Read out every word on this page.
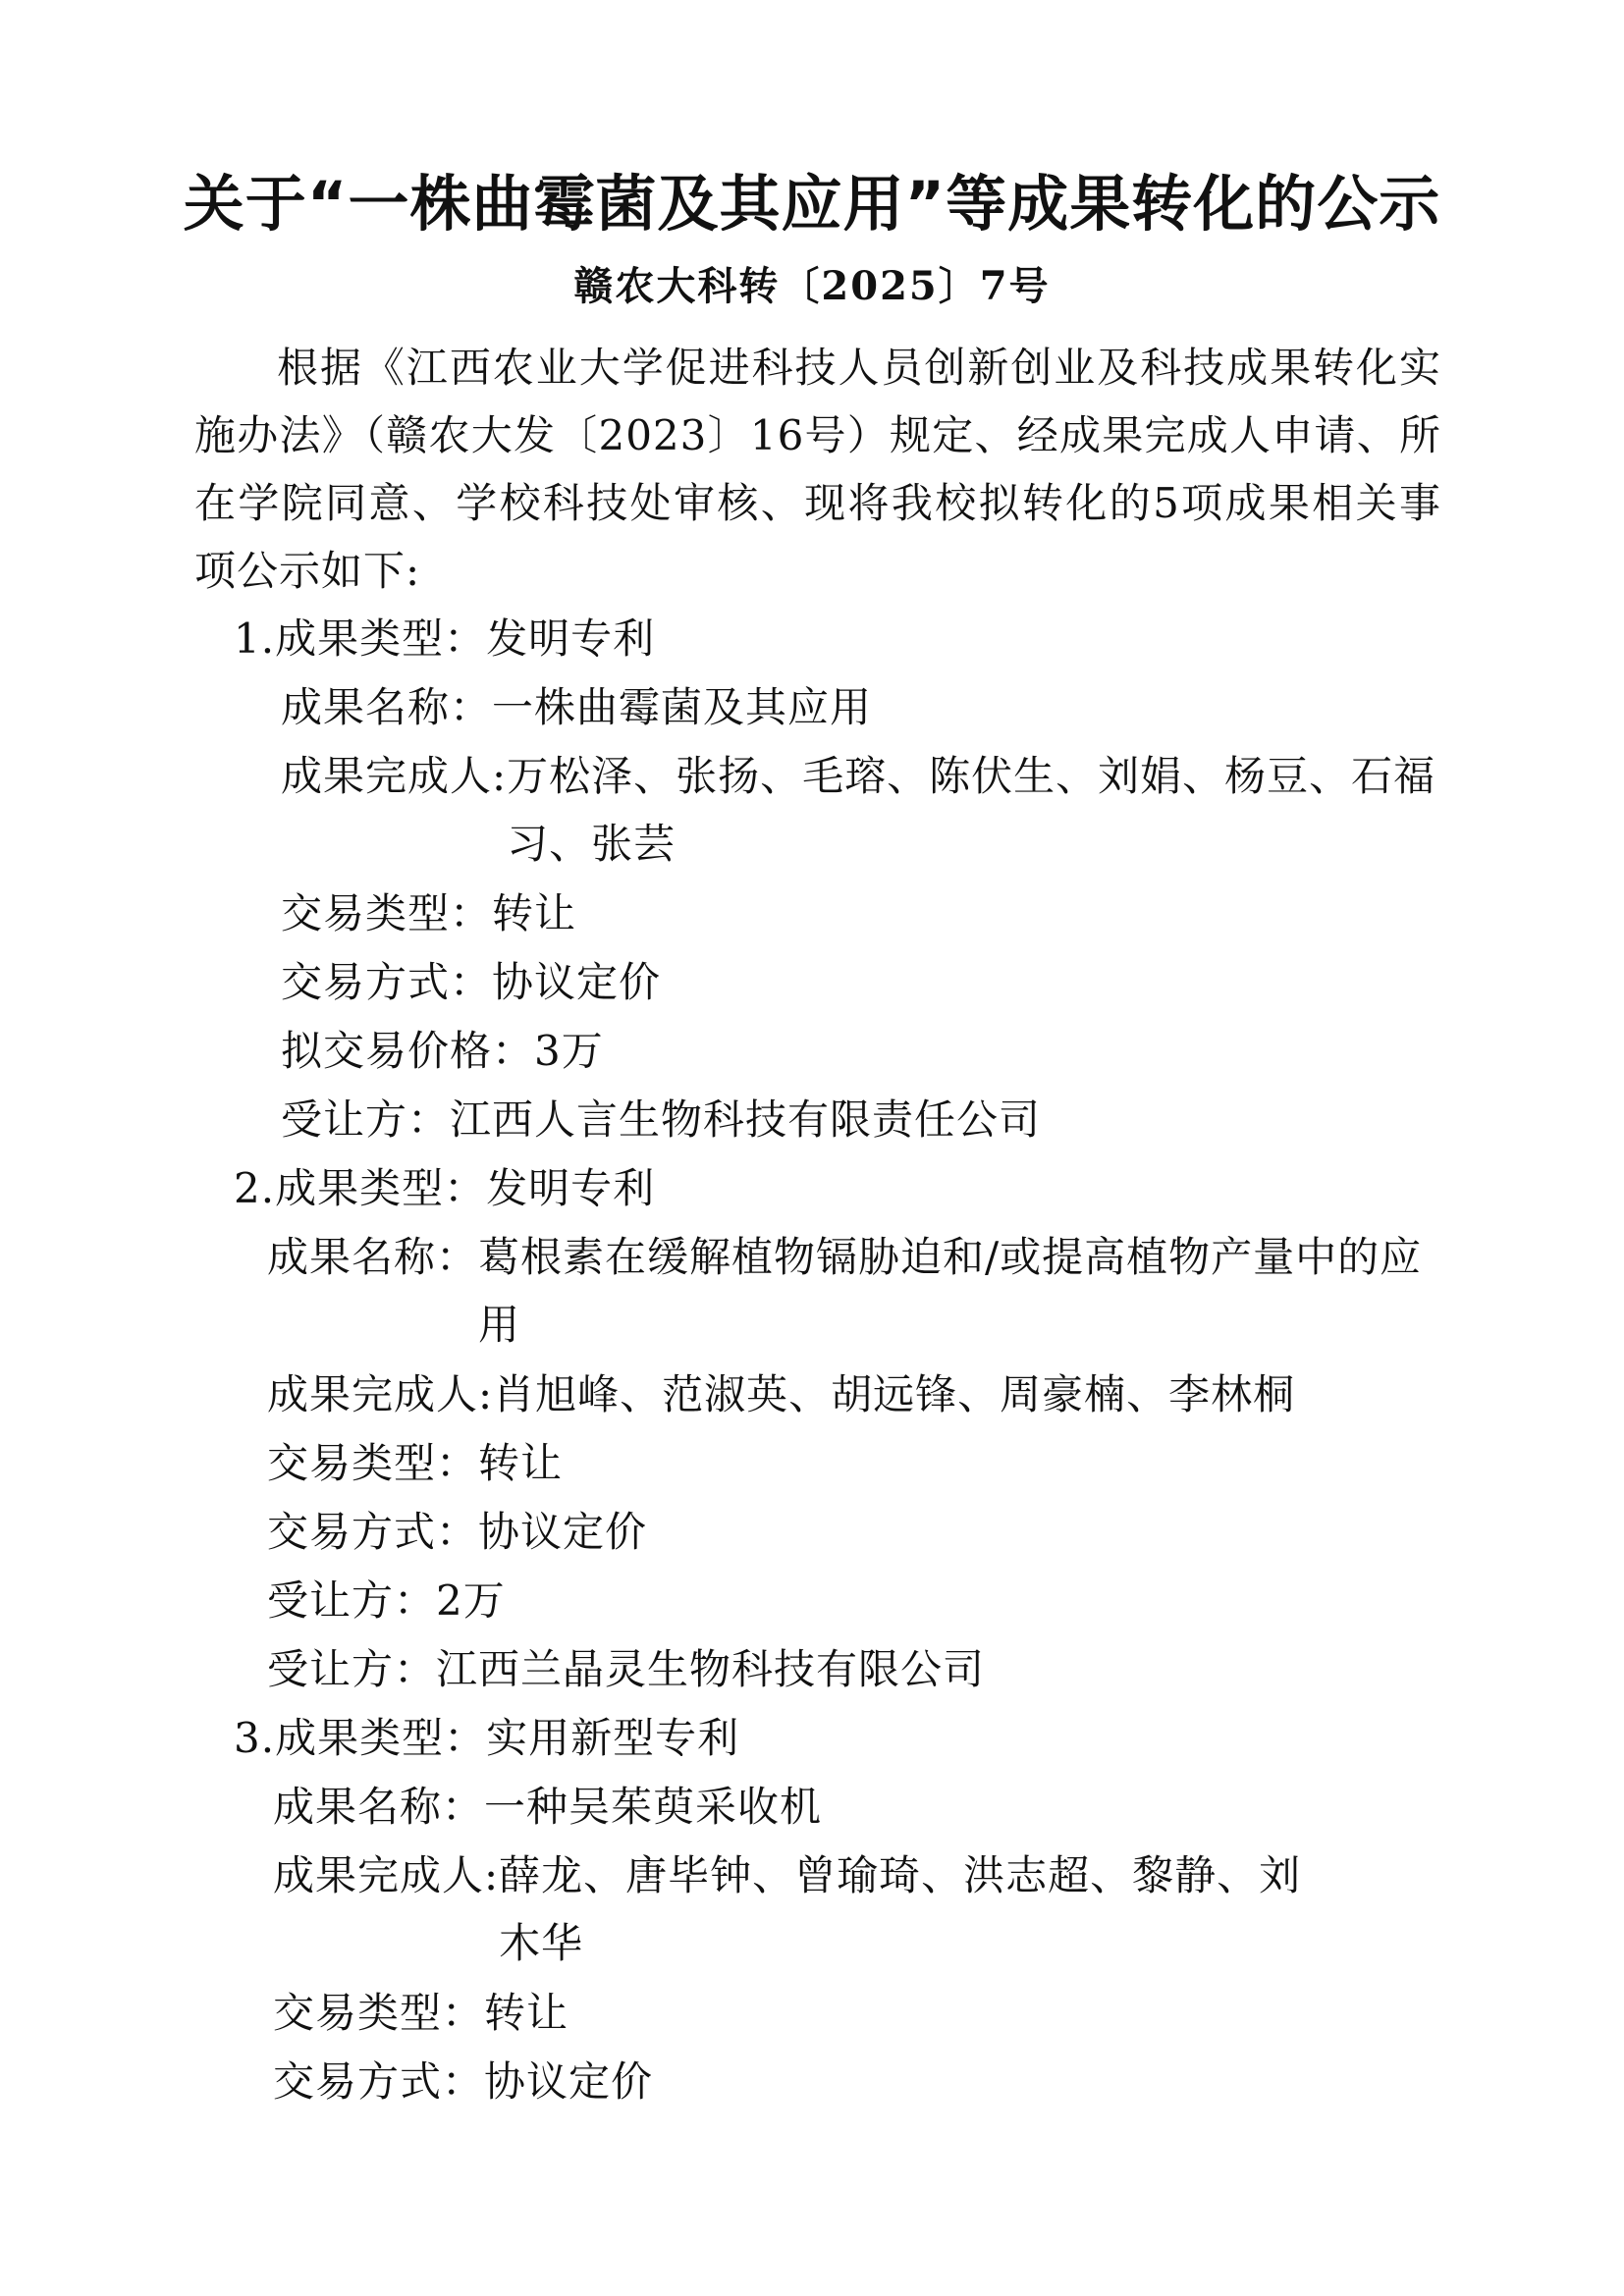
关于“一株曲霉菌及其应用”等成果转化的公示
赣农大科转〔2025〕7号
根据《江西农业大学促进科技人员创新创业及科技成果转化实施办法》（赣农大发〔2023〕16号）规定、经成果完成人申请、所在学院同意、学校科技处审核、现将我校拟转化的5项成果相关事项公示如下:
1.成果类型：发明专利
成果名称：一株曲霉菌及其应用
成果完成人: 万松泽、张扬、毛瑢、陈伏生、刘娟、杨豆、石福习、张芸
交易类型：转让
交易方式：协议定价
拟交易价格：3万
受让方：江西人言生物科技有限责任公司
2.成果类型：发明专利
成果名称： 葛根素在缓解植物镉胁迫和/或提高植物产量中的应用
成果完成人:肖旭峰、范淑英、胡远锋、周豪楠、李林桐
交易类型：转让
交易方式：协议定价
受让方：2万
受让方：江西兰晶灵生物科技有限公司
3.成果类型：实用新型专利
成果名称：一种吴茱萸采收机
成果完成人: 薛龙、唐毕钟、曾瑜琦、洪志超、黎静、刘木华
交易类型：转让
交易方式：协议定价
